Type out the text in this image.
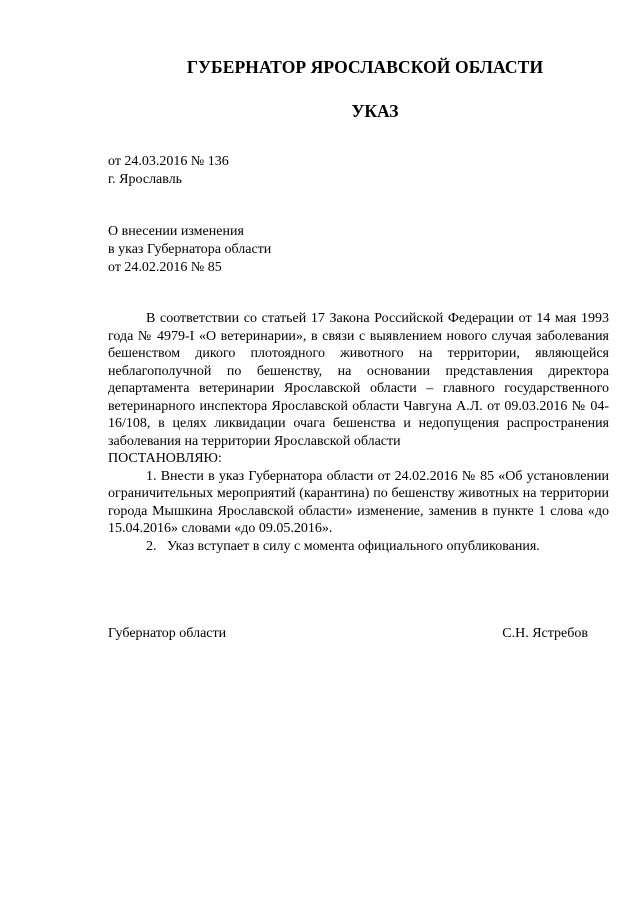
ГУБЕРНАТОР ЯРОСЛАВСКОЙ ОБЛАСТИ
УКАЗ
от 24.03.2016 № 136
г. Ярославль
О внесении изменения
в указ Губернатора области
от 24.02.2016 № 85

В соответствии со статьей 17 Закона Российской Федерации от 14 мая 1993 года № 4979-I «О ветеринарии», в связи с выявлением нового случая заболевания бешенством дикого плотоядного животного на территории, являющейся неблагополучной по бешенству, на основании представления директора департамента ветеринарии Ярославской области – главного государственного ветеринарного инспектора Ярославской области Чавгуна А.Л. от 09.03.2016 № 04-16/108, в целях ликвидации очага бешенства и недопущения распространения заболевания на территории Ярославской области

ПОСТАНОВЛЯЮ:

1. Внести в указ Губернатора области от 24.02.2016 № 85 «Об установлении ограничительных мероприятий (карантина) по бешенству животных на территории города Мышкина Ярославской области» изменение, заменив в пункте 1 слова «до 15.04.2016» словами «до 09.05.2016».

2. Указ вступает в силу с момента официального опубликования.

Губернатор области	С.Н. Ястребов
